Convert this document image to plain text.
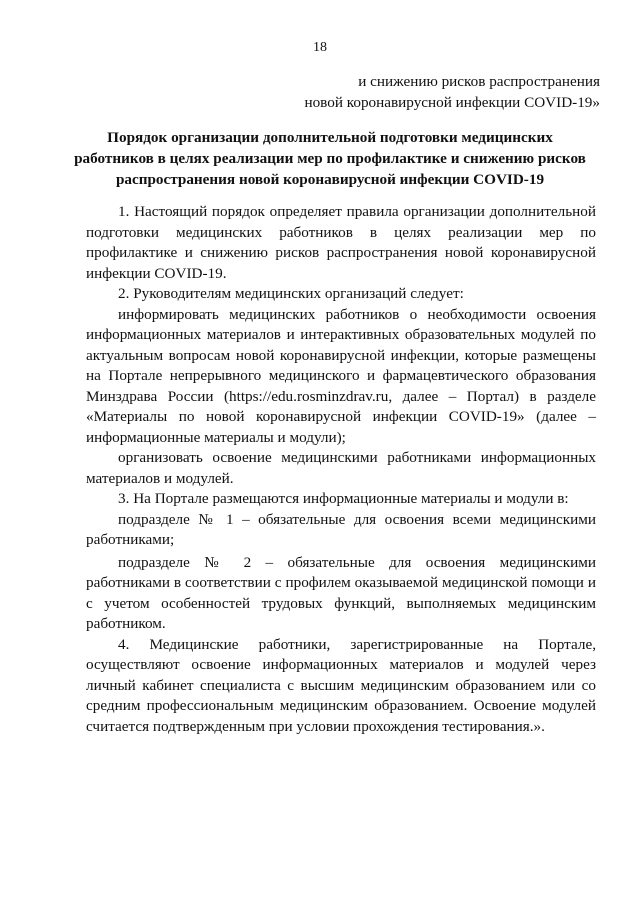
18
и снижению рисков распространения
новой коронавирусной инфекции COVID-19»
Порядок организации дополнительной подготовки медицинских
работников в целях реализации мер по профилактике и снижению рисков
распространения новой коронавирусной инфекции COVID-19

1. Настоящий порядок определяет правила организации дополнительной подготовки медицинских работников в целях реализации мер по профилактике и снижению рисков распространения новой коронавирусной инфекции COVID-19.

2. Руководителям медицинских организаций следует:

информировать медицинских работников о необходимости освоения информационных материалов и интерактивных образовательных модулей по актуальным вопросам новой коронавирусной инфекции, которые размещены на Портале непрерывного медицинского и фармацевтического образования Минздрава России (https://edu.rosminzdrav.ru, далее – Портал) в разделе «Материалы по новой коронавирусной инфекции COVID-19» (далее – информационные материалы и модули);

организовать освоение медицинскими работниками информационных материалов и модулей.

3. На Портале размещаются информационные материалы и модули в:

подразделе № 1 – обязательные для освоения всеми медицинскими работниками;

подразделе № 2 – обязательные для освоения медицинскими работниками в соответствии с профилем оказываемой медицинской помощи и с учетом особенностей трудовых функций, выполняемых медицинским работником.

4. Медицинские работники, зарегистрированные на Портале, осуществляют освоение информационных материалов и модулей через личный кабинет специалиста с высшим медицинским образованием или со средним профессиональным медицинским образованием. Освоение модулей считается подтвержденным при условии прохождения тестирования.».
